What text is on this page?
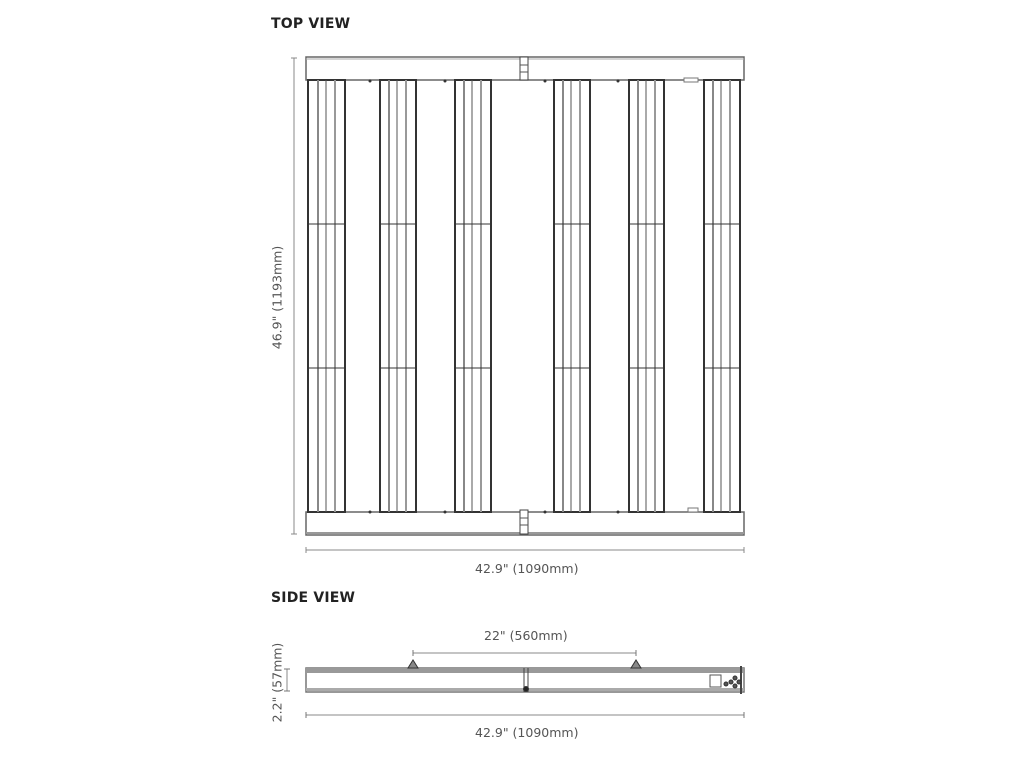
TOP VIEW
SIDE VIEW
46.9" (1193mm)
42.9" (1090mm)
22" (560mm)
2.2" (57mm)
42.9" (1090mm)
